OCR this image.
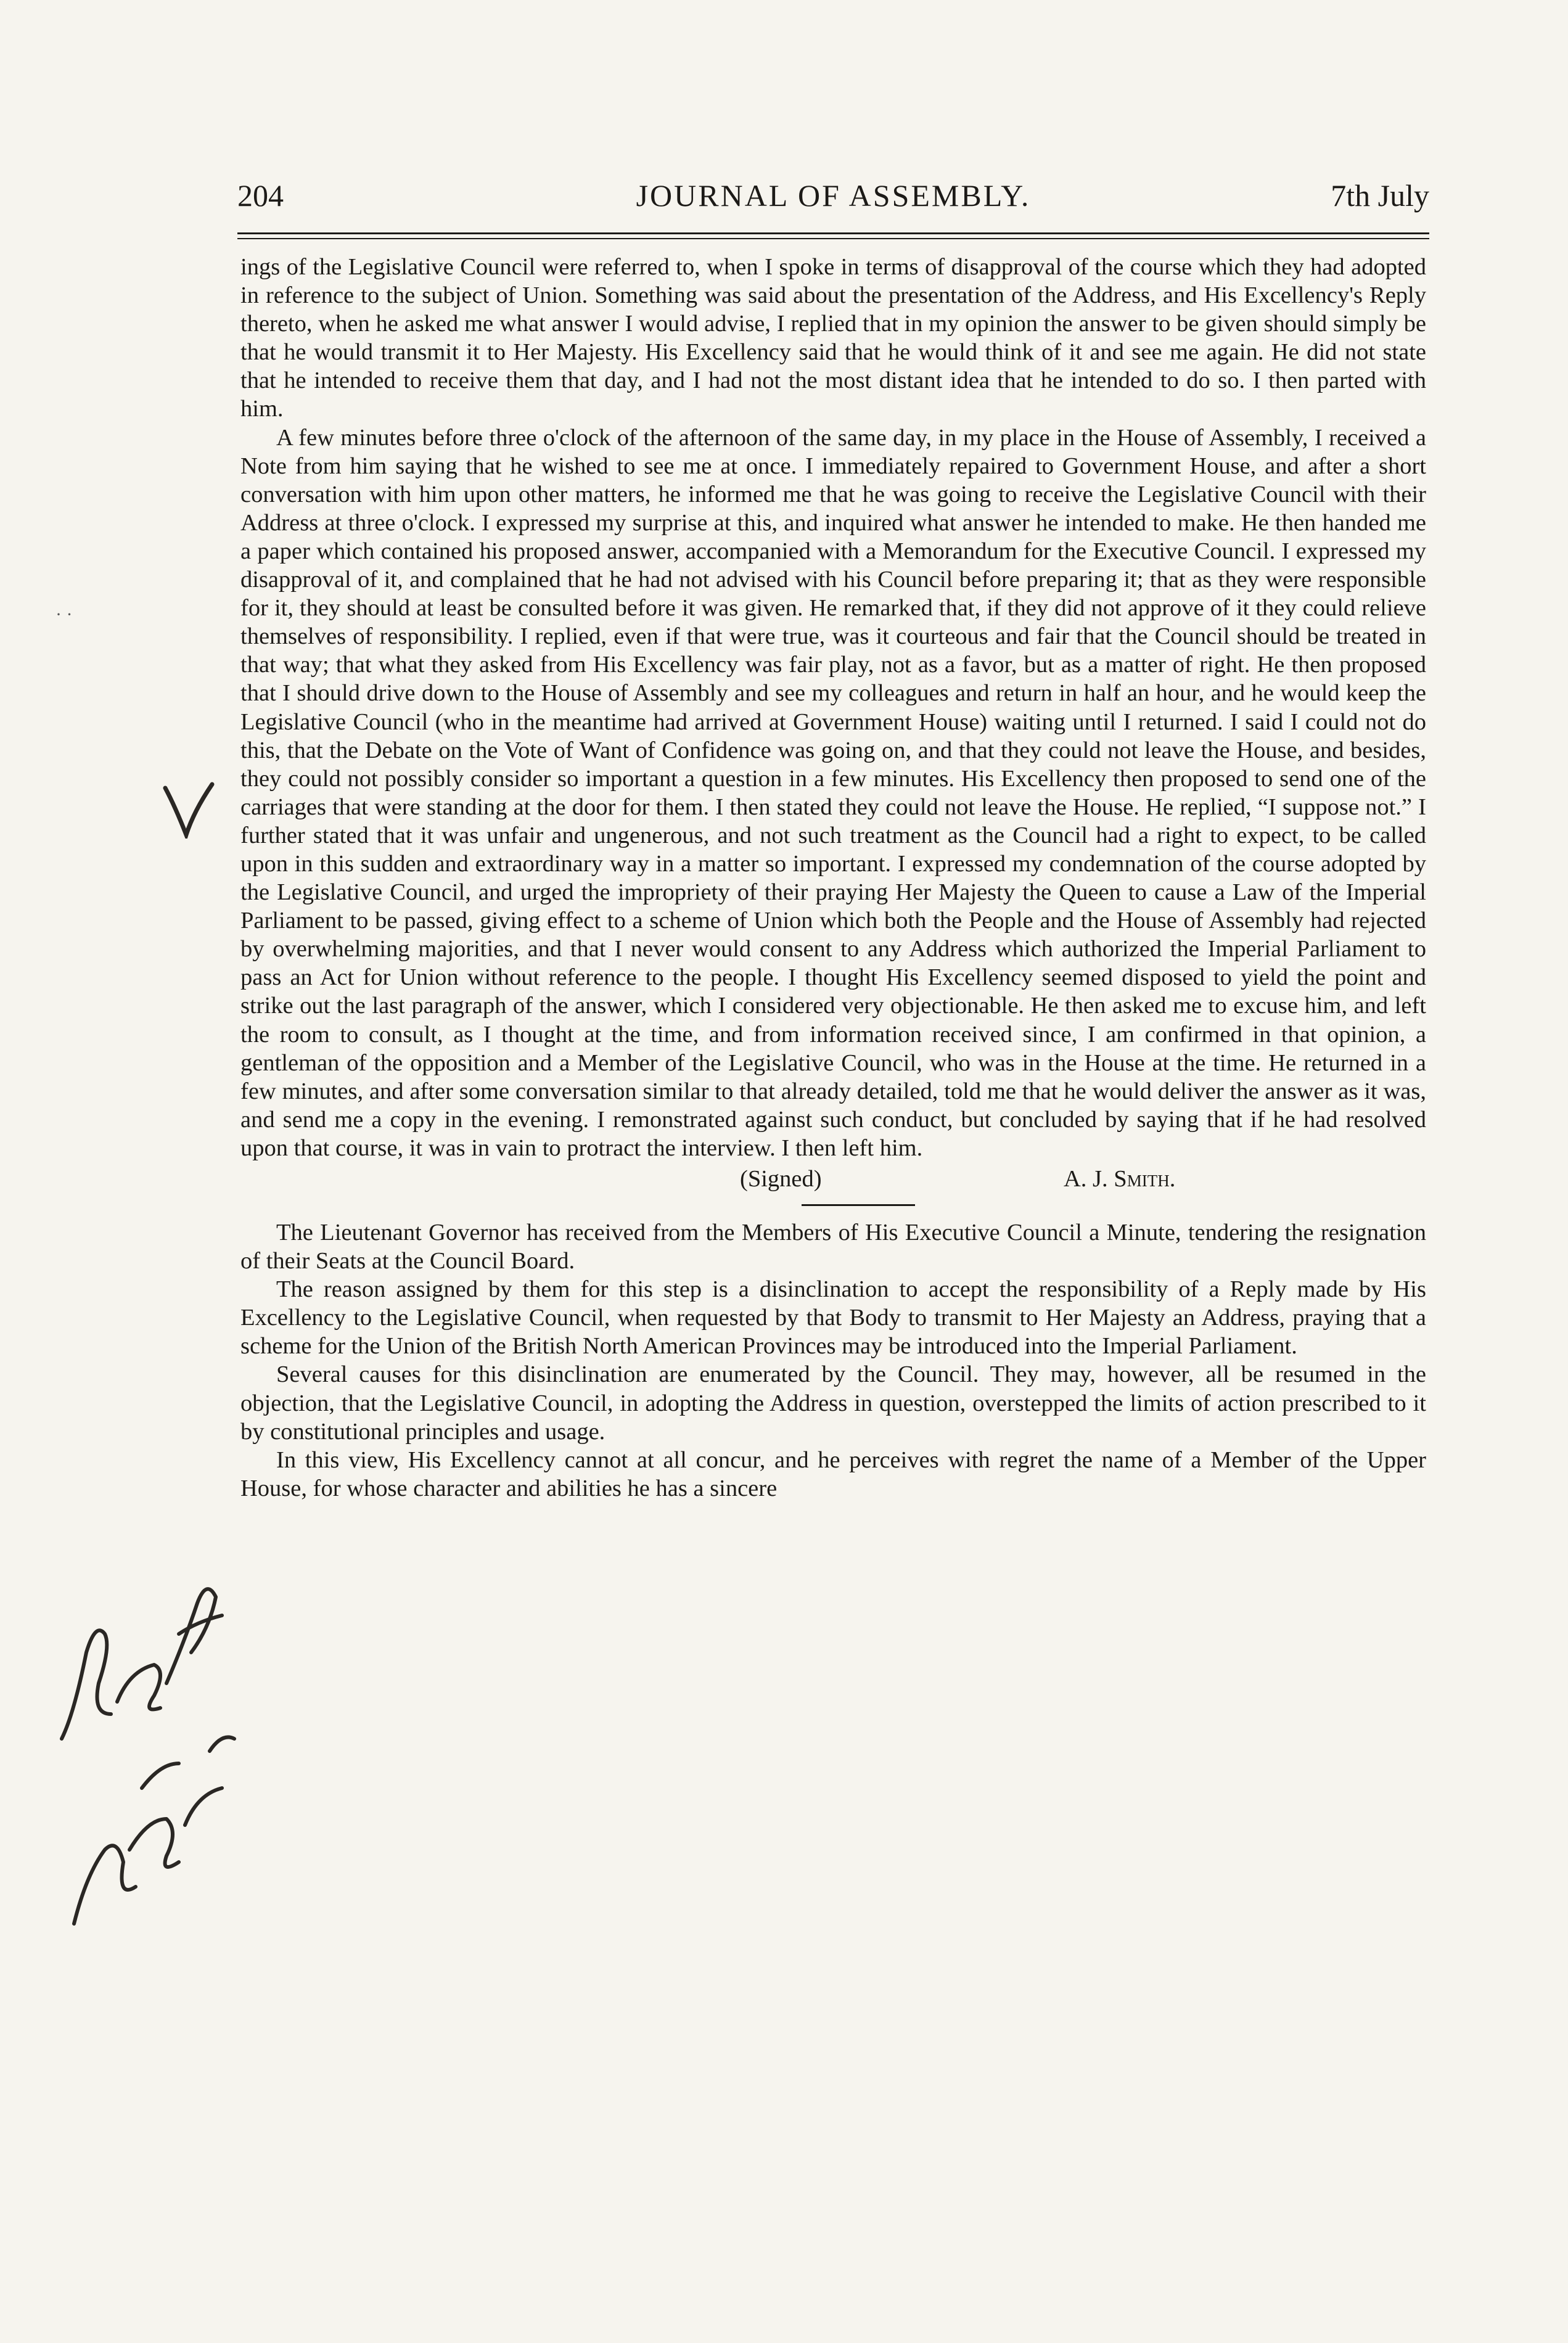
204	JOURNAL OF ASSEMBLY.	7th July
· ·

ings of the Legislative Council were referred to, when I spoke in terms of disapproval of the course which they had adopted in reference to the subject of Union. Something was said about the presentation of the Address, and His Excellency's Reply thereto, when he asked me what answer I would advise, I replied that in my opinion the answer to be given should simply be that he would transmit it to Her Majesty. His Excellency said that he would think of it and see me again. He did not state that he intended to receive them that day, and I had not the most distant idea that he intended to do so. I then parted with him.

A few minutes before three o'clock of the afternoon of the same day, in my place in the House of Assembly, I received a Note from him saying that he wished to see me at once. I immediately repaired to Government House, and after a short conversation with him upon other matters, he informed me that he was going to receive the Legislative Council with their Address at three o'clock. I expressed my surprise at this, and inquired what answer he intended to make. He then handed me a paper which contained his proposed answer, accompanied with a Memorandum for the Executive Council. I expressed my disapproval of it, and complained that he had not advised with his Council before preparing it; that as they were responsible for it, they should at least be consulted before it was given. He remarked that, if they did not approve of it they could relieve themselves of responsibility. I replied, even if that were true, was it courteous and fair that the Council should be treated in that way; that what they asked from His Excellency was fair play, not as a favor, but as a matter of right. He then proposed that I should drive down to the House of Assembly and see my colleagues and return in half an hour, and he would keep the Legislative Council (who in the meantime had arrived at Government House) waiting until I returned. I said I could not do this, that the Debate on the Vote of Want of Confidence was going on, and that they could not leave the House, and besides, they could not possibly consider so important a question in a few minutes. His Excellency then proposed to send one of the carriages that were standing at the door for them. I then stated they could not leave the House. He replied, “I suppose not.” I further stated that it was unfair and ungenerous, and not such treatment as the Council had a right to expect, to be called upon in this sudden and extraordinary way in a matter so important. I expressed my condemnation of the course adopted by the Legislative Council, and urged the impropriety of their praying Her Majesty the Queen to cause a Law of the Imperial Parliament to be passed, giving effect to a scheme of Union which both the People and the House of Assembly had rejected by overwhelming majorities, and that I never would consent to any Address which authorized the Imperial Parliament to pass an Act for Union without reference to the people. I thought His Excellency seemed disposed to yield the point and strike out the last paragraph of the answer, which I considered very objectionable. He then asked me to excuse him, and left the room to consult, as I thought at the time, and from information received since, I am confirmed in that opinion, a gentleman of the opposition and a Member of the Legislative Council, who was in the House at the time. He returned in a few minutes, and after some conversation similar to that already detailed, told me that he would deliver the answer as it was, and send me a copy in the evening. I remonstrated against such conduct, but concluded by saying that if he had resolved upon that course, it was in vain to protract the interview. I then left him.

(Signed)	A. J. Smith.

The Lieutenant Governor has received from the Members of His Executive Council a Minute, tendering the resignation of their Seats at the Council Board.

The reason assigned by them for this step is a disinclination to accept the responsibility of a Reply made by His Excellency to the Legislative Council, when requested by that Body to transmit to Her Majesty an Address, praying that a scheme for the Union of the British North American Provinces may be introduced into the Imperial Parliament.

Several causes for this disinclination are enumerated by the Council. They may, however, all be resumed in the objection, that the Legislative Council, in adopting the Address in question, overstepped the limits of action prescribed to it by constitutional principles and usage.

In this view, His Excellency cannot at all concur, and he perceives with regret the name of a Member of the Upper House, for whose character and abilities he has a sincere
